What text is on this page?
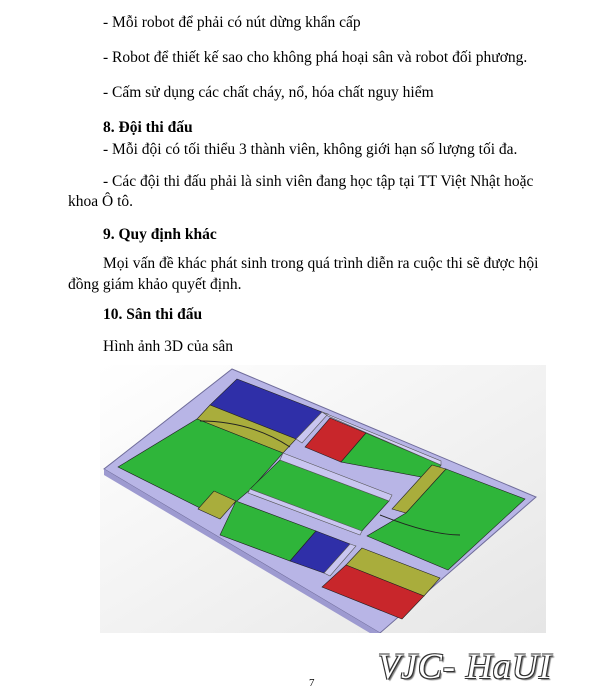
- Mỗi robot để phải có nút dừng khẩn cấp
- Robot để thiết kế sao cho không phá hoại sân và robot đối phương.
- Cấm sử dụng các chất cháy, nổ, hóa chất nguy hiểm
8. Đội thi đấu
- Mỗi đội có tối thiểu 3 thành viên, không giới hạn số lượng tối đa.
- Các đội thi đấu phải là sinh viên đang học tập tại TT Việt Nhật hoặc
khoa Ô tô.
9. Quy định khác
Mọi vấn đề khác phát sinh trong quá trình diễn ra cuộc thi sẽ được hội
đồng giám khảo quyết định.
10. Sân thi đấu
Hình ảnh 3D của sân
7 VJC- HaUI
